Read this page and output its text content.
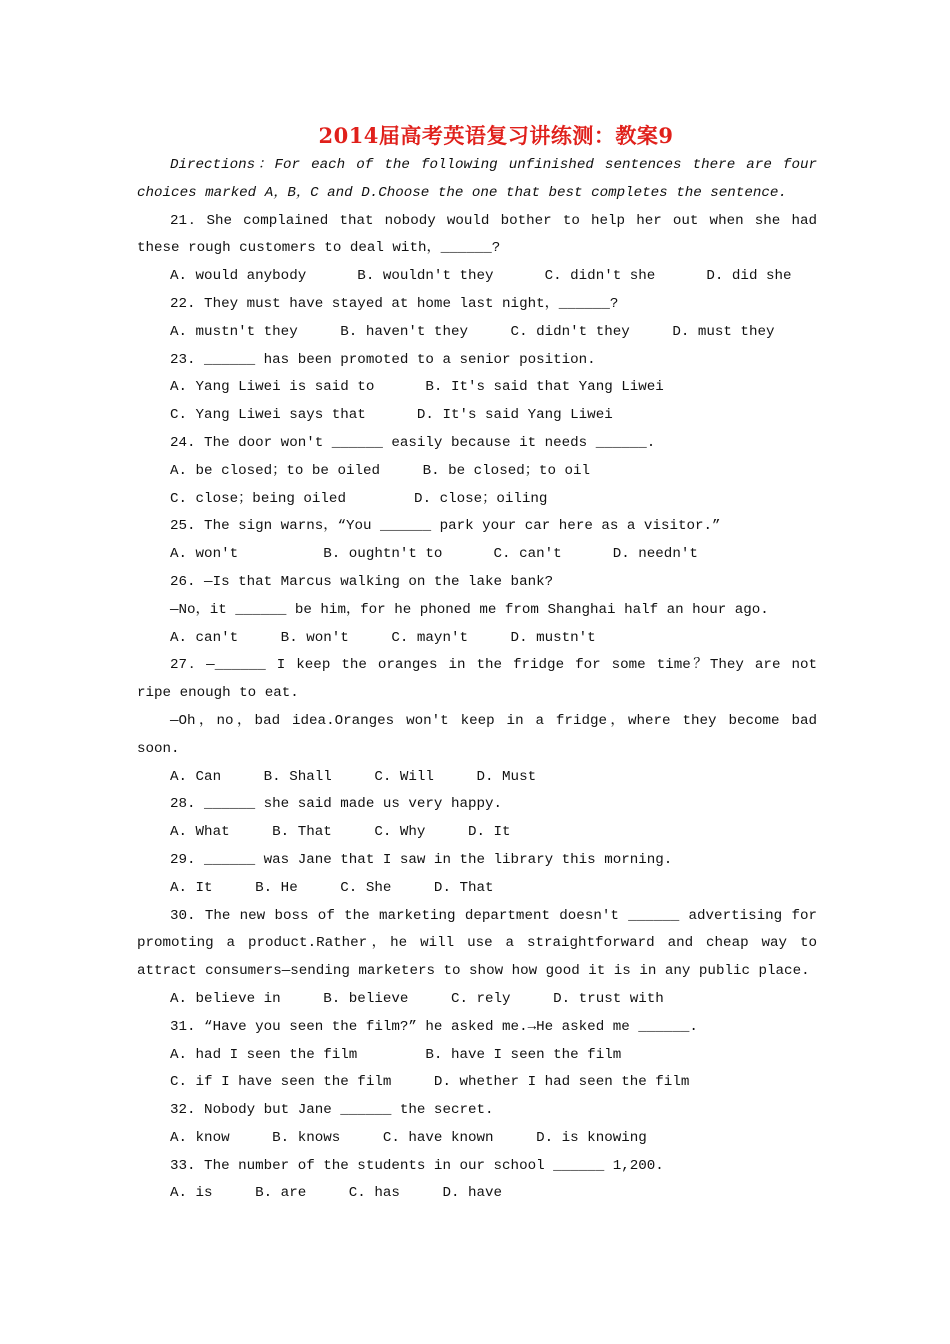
2014届高考英语复习讲练测：教案9
Directions：For each of the following unfinished sentences there are four
choices marked A，B，C and D.Choose the one that best completes the sentence.
21．She complained that nobody would bother to help her out when she had
these rough customers to deal with，______?
A. would anybody      B. wouldn't they      C. didn't she      D. did she
22. They must have stayed at home last night，______?
A. mustn't they     B. haven't they     C. didn't they     D. must they
23. ______ has been promoted to a senior position.
A. Yang Liwei is said to      B. It's said that Yang Liwei
C. Yang Liwei says that      D. It's said Yang Liwei
24. The door won't ______ easily because it needs ______.
A. be closed；to be oiled     B. be closed；to oil
C. close；being oiled        D. close；oiling
25. The sign warns，“You ______ park your car here as a visitor.”
A. won't          B. oughtn't to      C. can't      D. needn't
26. —Is that Marcus walking on the lake bank?
—No，it ______ be him，for he phoned me from Shanghai half an hour ago.
A. can't     B. won't     C. mayn't     D. mustn't
27．—______ I keep the oranges in the fridge for some time？They are not
ripe enough to eat.
—Oh，no，bad idea.Oranges won't keep in a fridge，where they become bad
soon.
A. Can     B. Shall     C. Will     D. Must
28. ______ she said made us very happy.
A. What     B. That     C. Why     D. It
29. ______ was Jane that I saw in the library this morning.
A. It     B. He     C. She     D. That
30. The new boss of the marketing department doesn't ______ advertising for
promoting a product.Rather，he will use a straightforward and cheap way to
attract consumers—sending marketers to show how good it is in any public place.
A. believe in     B. believe     C. rely     D. trust with
31. “Have you seen the film?” he asked me.→He asked me ______.
A. had I seen the film        B. have I seen the film
C. if I have seen the film     D. whether I had seen the film
32. Nobody but Jane ______ the secret.
A. know     B. knows     C. have known     D. is knowing
33. The number of the students in our school ______ 1,200.
A. is     B. are     C. has     D. have
